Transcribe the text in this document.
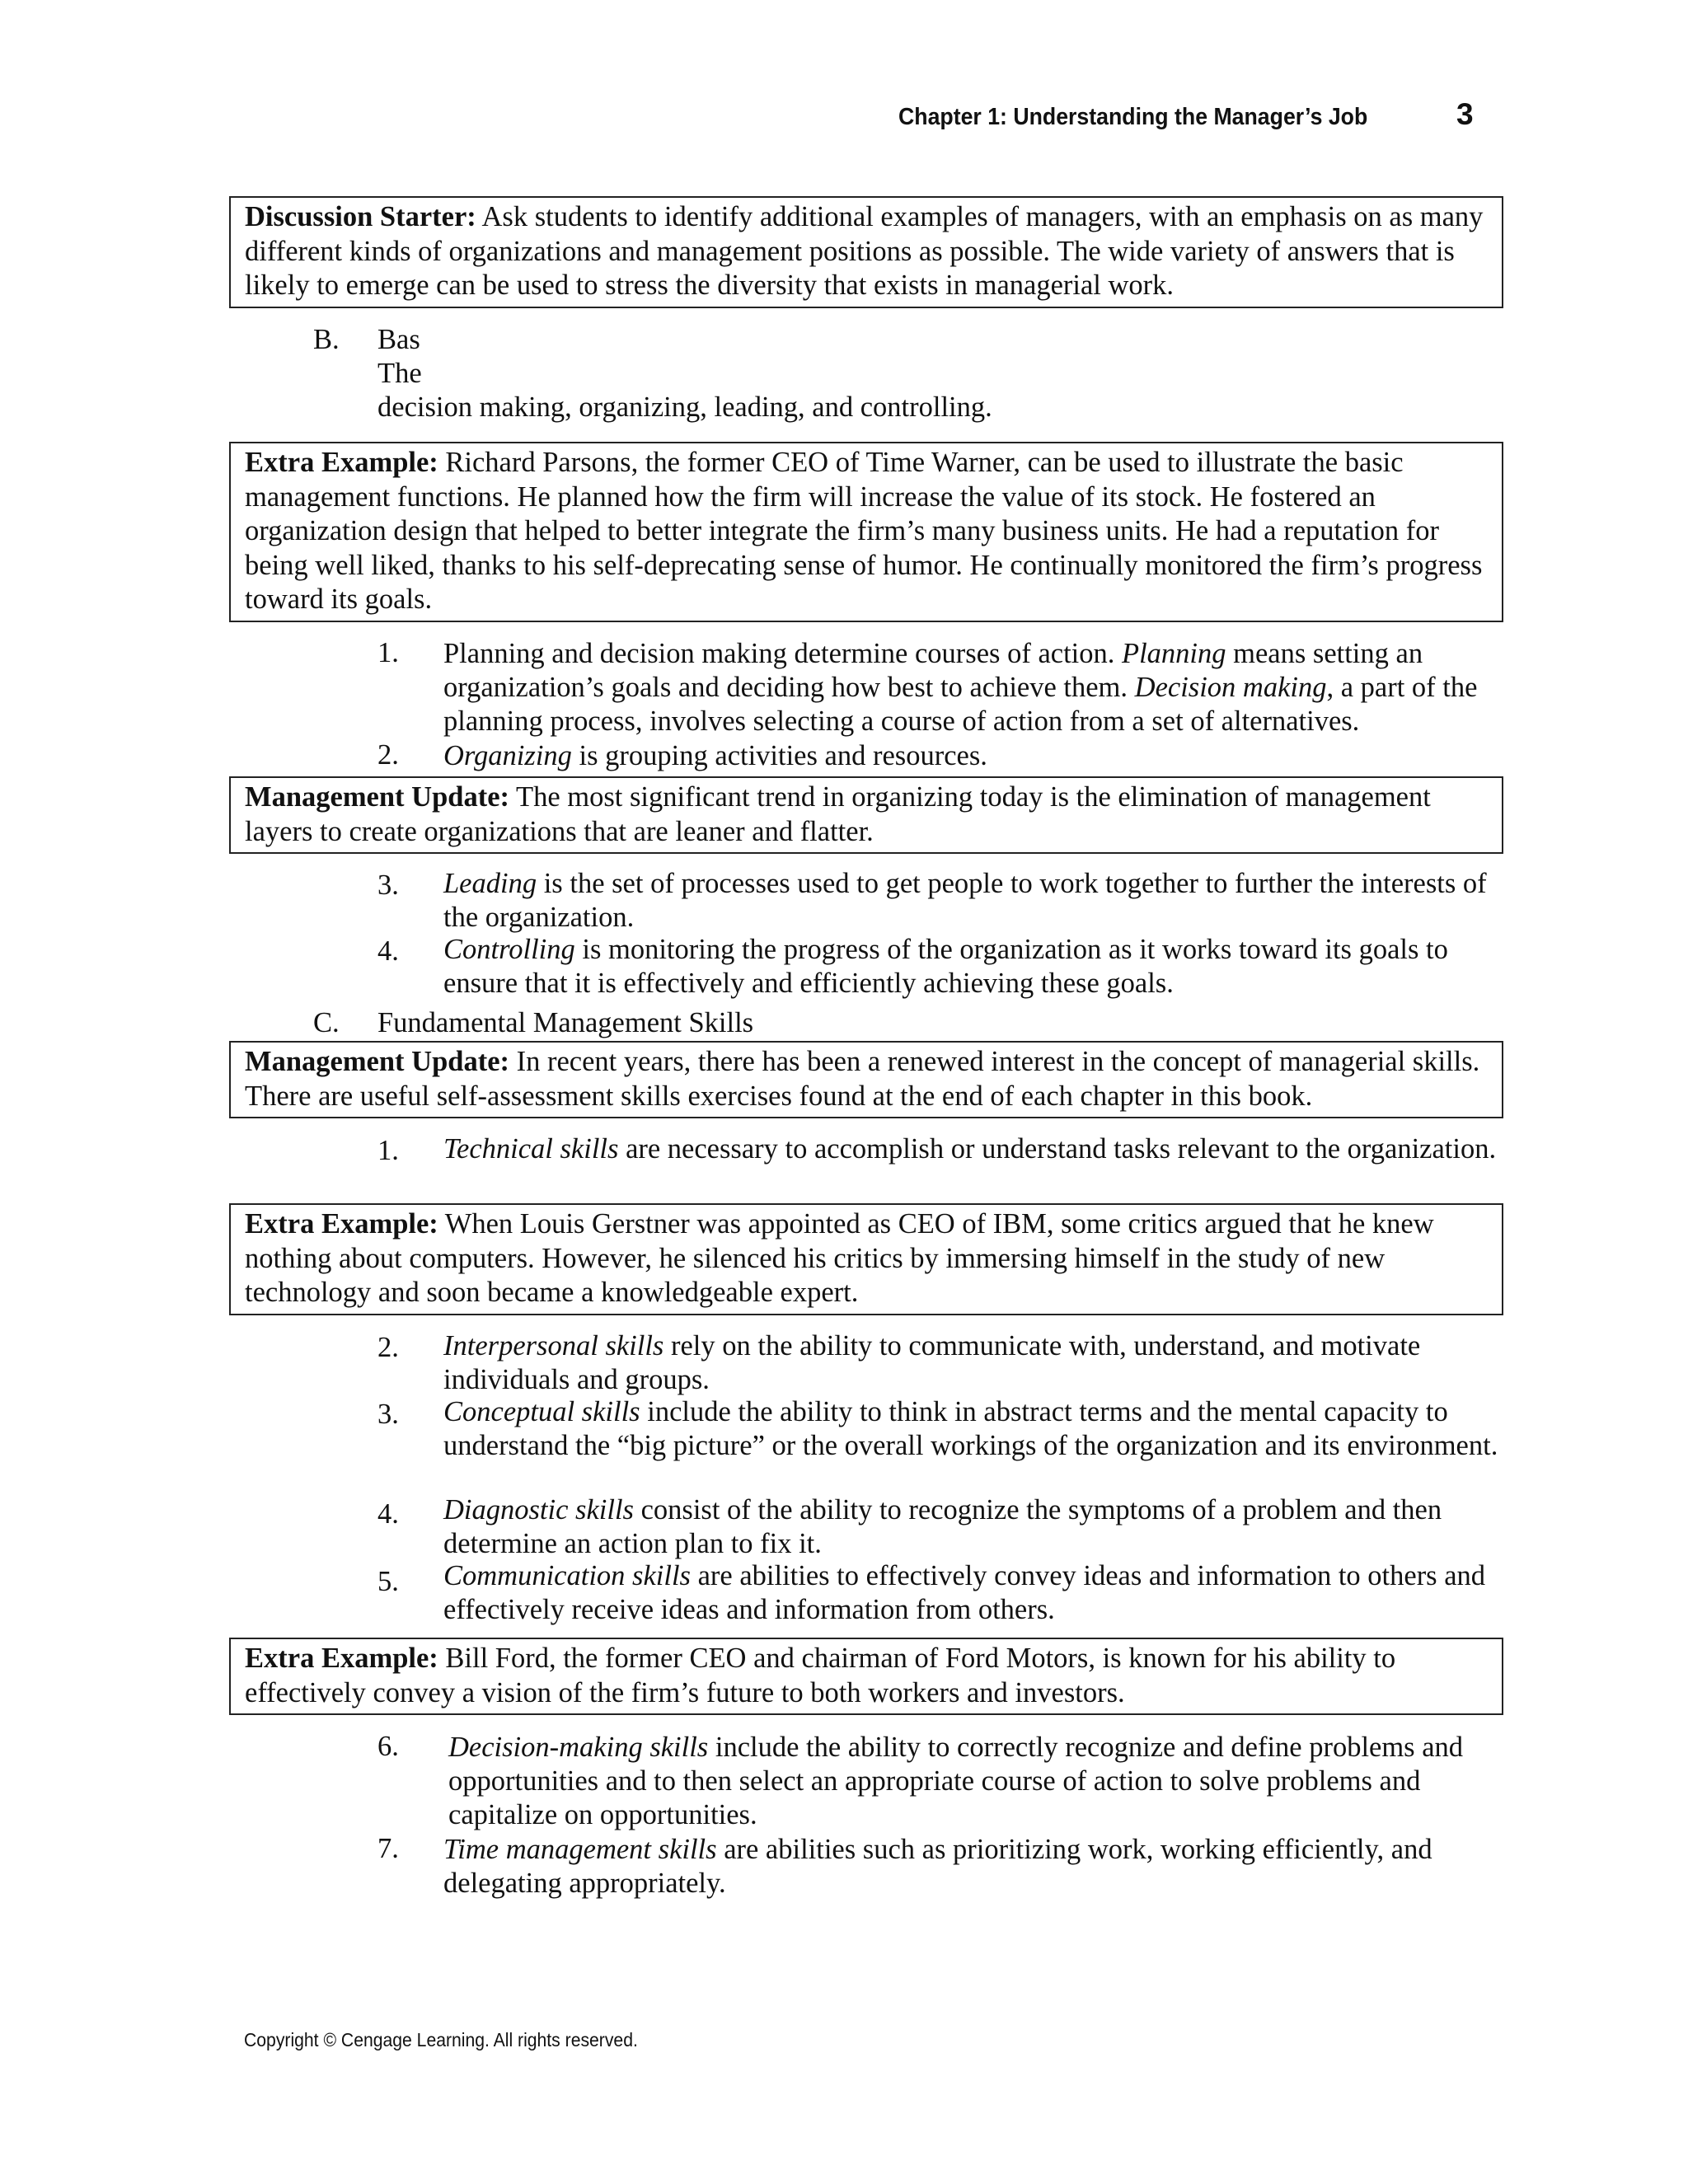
Chapter 1: Understanding the Manager’s Job	3
Discussion Starter: Ask students to identify additional examples of managers, with an emphasis on as many different kinds of organizations and management positions as possible. The wide variety of answers that is likely to emerge can be used to stress the diversity that exists in managerial work.
B. Bas
The
decision making, organizing, leading, and controlling.
Extra Example: Richard Parsons, the former CEO of Time Warner, can be used to illustrate the basic management functions. He planned how the firm will increase the value of its stock. He fostered an organization design that helped to better integrate the firm’s many business units. He had a reputation for being well liked, thanks to his self-deprecating sense of humor. He continually monitored the firm’s progress toward its goals.
1. Planning and decision making determine courses of action. Planning means setting an organization’s goals and deciding how best to achieve them. Decision making, a part of the planning process, involves selecting a course of action from a set of alternatives.
2. Organizing is grouping activities and resources.
Management Update: The most significant trend in organizing today is the elimination of management layers to create organizations that are leaner and flatter.
3. Leading is the set of processes used to get people to work together to further the interests of the organization.
4. Controlling is monitoring the progress of the organization as it works toward its goals to ensure that it is effectively and efficiently achieving these goals.
C. Fundamental Management Skills
Management Update: In recent years, there has been a renewed interest in the concept of managerial skills. There are useful self-assessment skills exercises found at the end of each chapter in this book.
1. Technical skills are necessary to accomplish or understand tasks relevant to the organization.
Extra Example: When Louis Gerstner was appointed as CEO of IBM, some critics argued that he knew nothing about computers. However, he silenced his critics by immersing himself in the study of new technology and soon became a knowledgeable expert.
2. Interpersonal skills rely on the ability to communicate with, understand, and motivate individuals and groups.
3. Conceptual skills include the ability to think in abstract terms and the mental capacity to understand the “big picture” or the overall workings of the organization and its environment.
4. Diagnostic skills consist of the ability to recognize the symptoms of a problem and then determine an action plan to fix it.
5. Communication skills are abilities to effectively convey ideas and information to others and effectively receive ideas and information from others.
Extra Example: Bill Ford, the former CEO and chairman of Ford Motors, is known for his ability to effectively convey a vision of the firm’s future to both workers and investors.
6. Decision-making skills include the ability to correctly recognize and define problems and opportunities and to then select an appropriate course of action to solve problems and capitalize on opportunities.
7. Time management skills are abilities such as prioritizing work, working efficiently, and delegating appropriately.
Copyright © Cengage Learning. All rights reserved.
